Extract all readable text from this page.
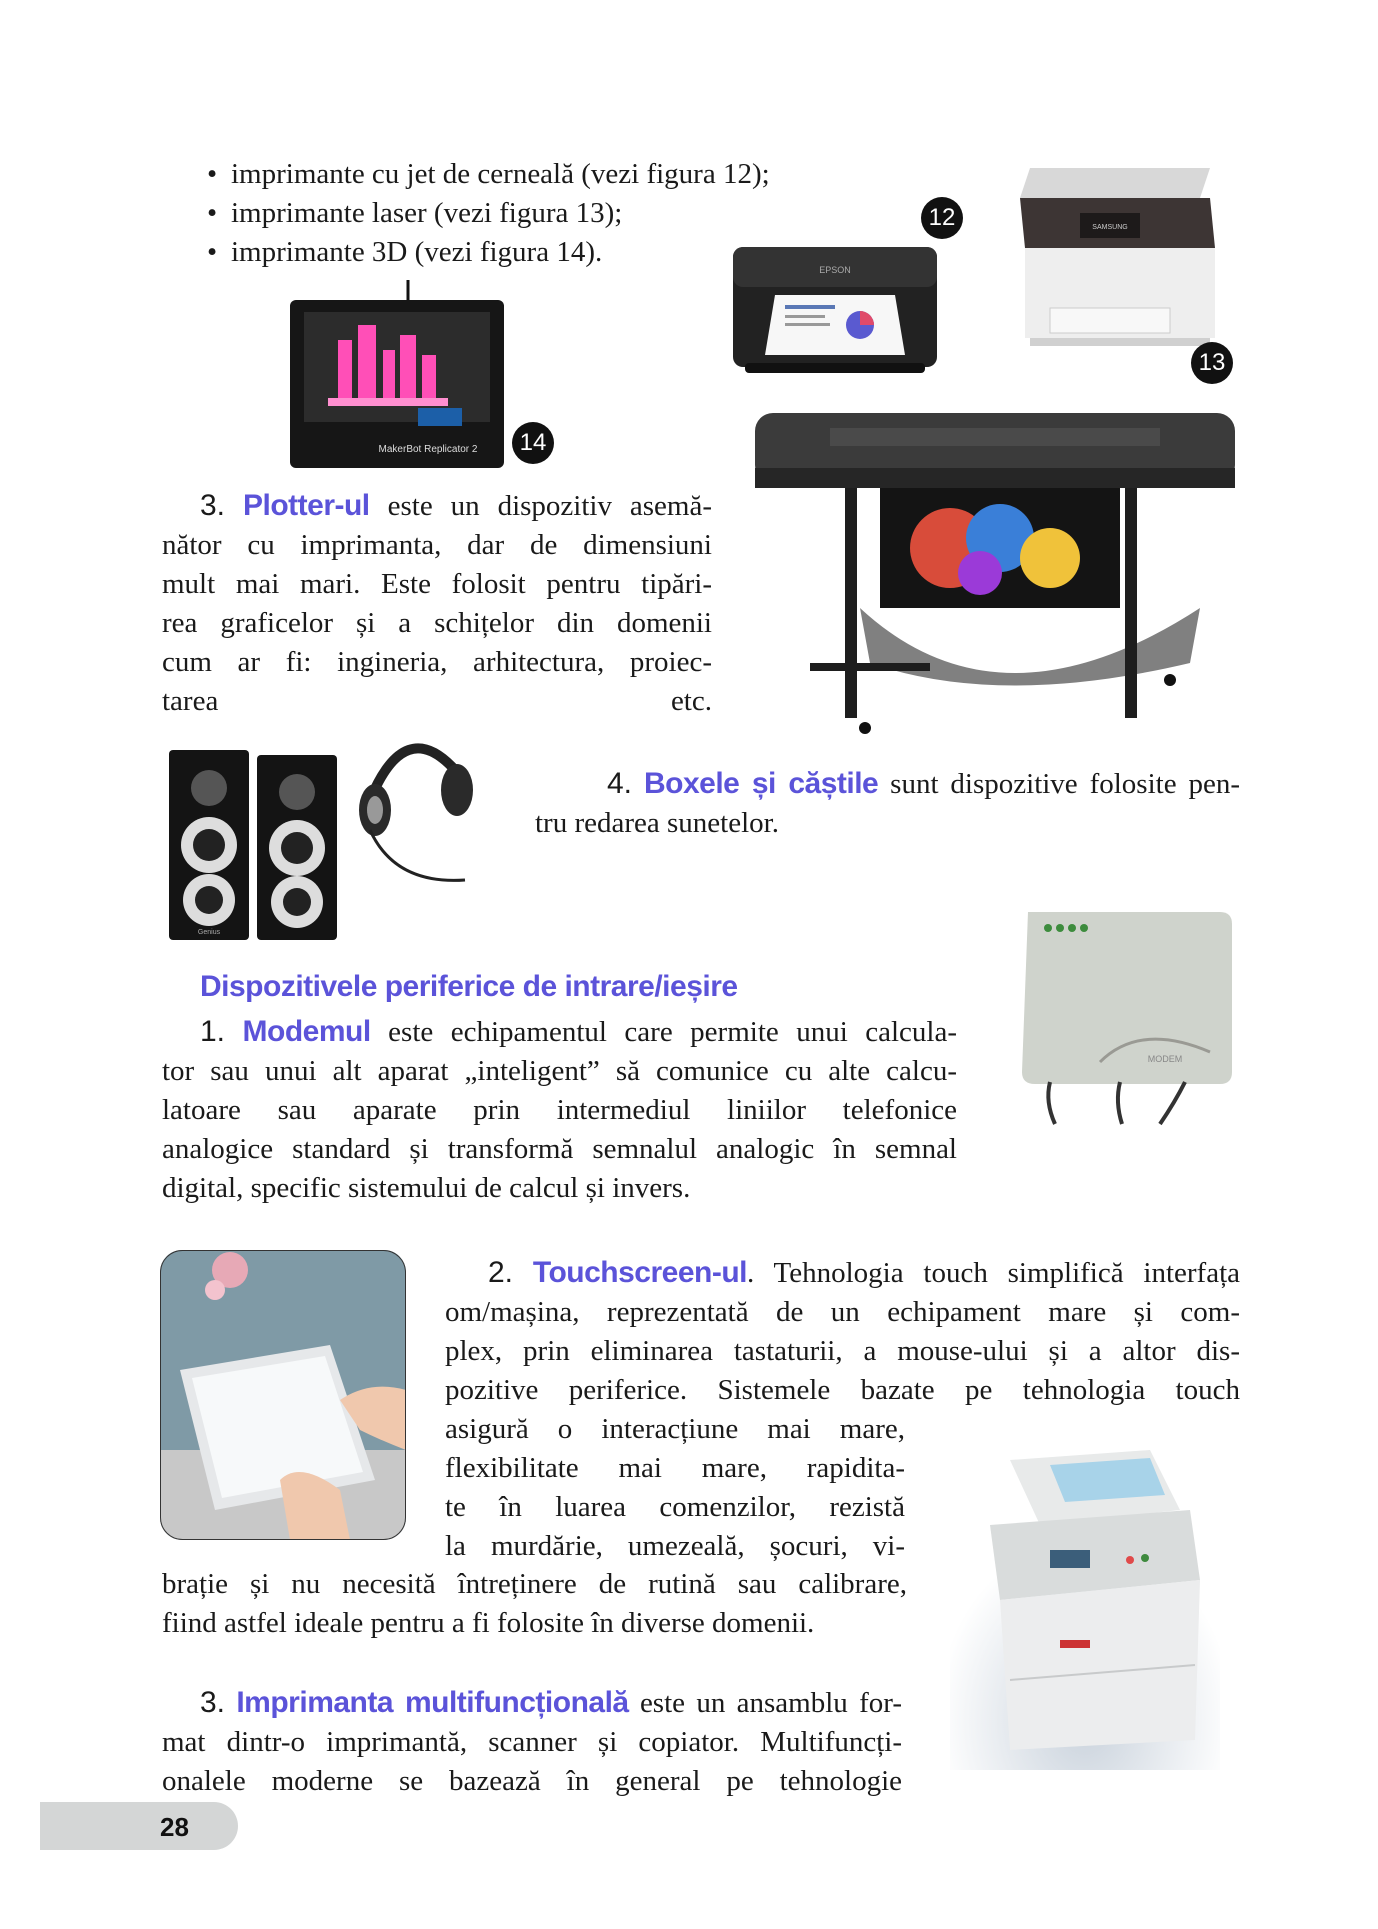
• imprimante cu jet de cerneală (vezi figura 12);
• imprimante laser (vezi figura 13);
• imprimante 3D (vezi figura 14).
EPSON
12	SAMSUNG
13
MakerBot Replicator 2	14
3. Plotter-ul este un dispozitiv asemă-
nător cu imprimanta, dar de dimensiuni
mult mai mari. Este folosit pentru tipări-
rea graficelor și a schițelor din domenii
cum ar fi: ingineria, arhitectura, proiec-
tarea etc.
Genius
4. Boxele și căștile sunt dispozitive folosite pen-
tru redarea sunetelor.
MODEM
Dispozitivele periferice de intrare/ieșire
1. Modemul este echipamentul care permite unui calcula-
tor sau unui alt aparat „inteligent” să comunice cu alte calcu-
latoare sau aparate prin intermediul liniilor telefonice
analogice standard și transformă semnalul analogic în semnal
digital, specific sistemului de calcul și invers.
2. Touchscreen-ul. Tehnologia touch simplifică interfața
om/mașina, reprezentată de un echipament mare și com-
plex, prin eliminarea tastaturii, a mouse-ului și a altor dis-
pozitive periferice. Sistemele bazate pe tehnologia touch
asigură o interacțiune mai mare,
flexibilitate mai mare, rapidita-
te în luarea comenzilor, rezistă
la murdărie, umezeală, șocuri, vi-
brație și nu necesită întreținere de rutină sau calibrare,
fiind astfel ideale pentru a fi folosite în diverse domenii.
3. Imprimanta multifuncțională este un ansamblu for-
mat dintr-o imprimantă, scanner și copiator. Multifuncți-
onalele moderne se bazează în general pe tehnologie
28
